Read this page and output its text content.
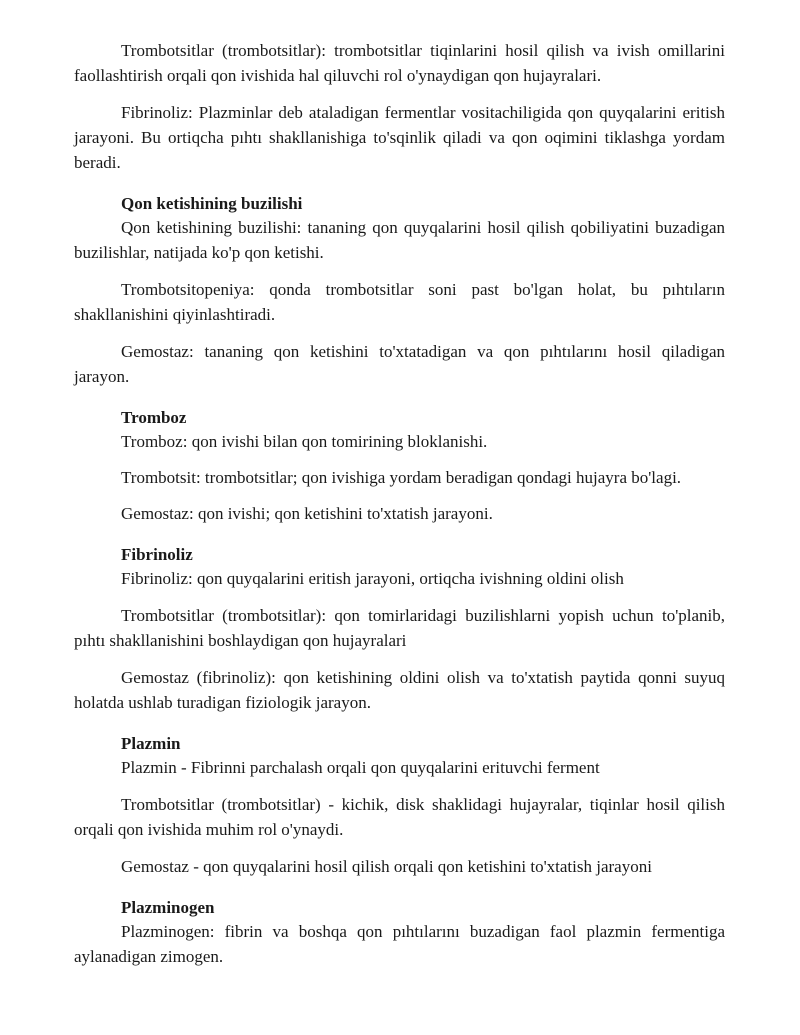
Trombotsitlar (trombotsitlar): trombotsitlar tiqinlarini hosil qilish va ivish omillarini faollashtirish orqali qon ivishida hal qiluvchi rol o'ynaydigan qon hujayralari.

Fibrinoliz: Plazminlar deb ataladigan fermentlar vositachiligida qon quyqalarini eritish jarayoni. Bu ortiqcha pıhtı shakllanishiga to'sqinlik qiladi va qon oqimini tiklashga yordam beradi.

Qon ketishining buzilishi

Qon ketishining buzilishi: tananing qon quyqalarini hosil qilish qobiliyatini buzadigan buzilishlar, natijada ko'p qon ketishi.

Trombotsitopeniya: qonda trombotsitlar soni past bo'lgan holat, bu pıhtıların shakllanishini qiyinlashtiradi.

Gemostaz: tananing qon ketishini to'xtatadigan va qon pıhtılarını hosil qiladigan jarayon.

Tromboz

Tromboz: qon ivishi bilan qon tomirining bloklanishi.

Trombotsit: trombotsitlar; qon ivishiga yordam beradigan qondagi hujayra bo'lagi.

Gemostaz: qon ivishi; qon ketishini to'xtatish jarayoni.

Fibrinoliz

Fibrinoliz: qon quyqalarini eritish jarayoni, ortiqcha ivishning oldini olish

Trombotsitlar (trombotsitlar): qon tomirlaridagi buzilishlarni yopish uchun to'planib, pıhtı shakllanishini boshlaydigan qon hujayralari

Gemostaz (fibrinoliz): qon ketishining oldini olish va to'xtatish paytida qonni suyuq holatda ushlab turadigan fiziologik jarayon.

Plazmin

Plazmin - Fibrinni parchalash orqali qon quyqalarini erituvchi ferment

Trombotsitlar (trombotsitlar) - kichik, disk shaklidagi hujayralar, tiqinlar hosil qilish orqali qon ivishida muhim rol o'ynaydi.

Gemostaz - qon quyqalarini hosil qilish orqali qon ketishini to'xtatish jarayoni

Plazminogen

Plazminogen: fibrin va boshqa qon pıhtılarını buzadigan faol plazmin fermentiga aylanadigan zimogen.
